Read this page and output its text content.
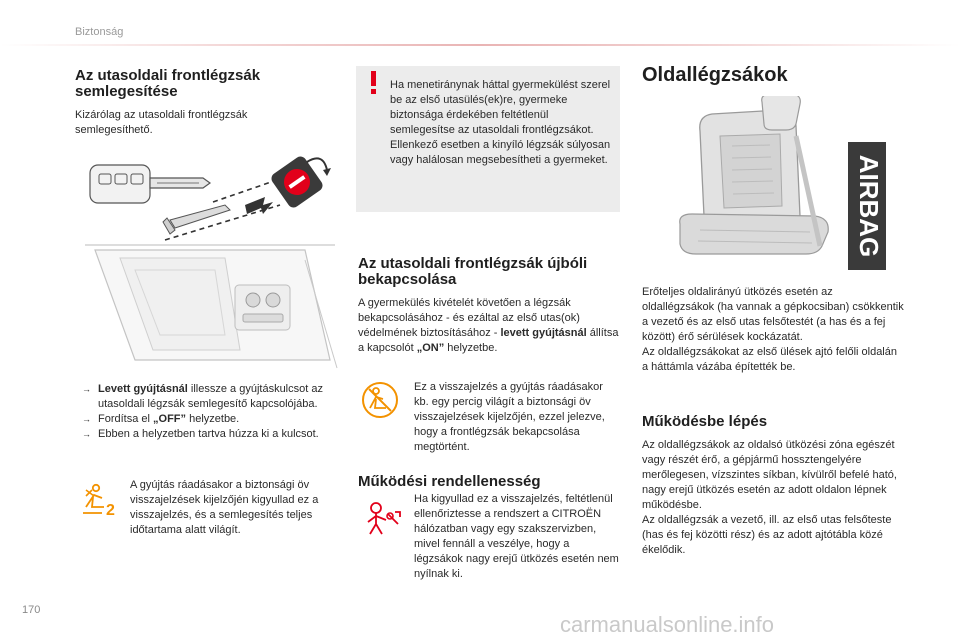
Biztonság
Az utasoldali frontlégzsák semlegesítése

Kizárólag az utasoldali frontlégzsák semlegesíthető.

→ Levett gyújtásnál illessze a gyújtáskulcsot az utasoldali légzsák semlegesítő kapcsolójába.
→ Fordítsa el „OFF” helyzetbe.
→ Ebben a helyzetben tartva húzza ki a kulcsot.
2

A gyújtás ráadásakor a biztonsági öv visszajelzések kijelzőjén kigyullad ez a visszajelzés, és a semlegesítés teljes időtartama alatt világít.

Ha menetiránynak háttal gyermekülést szerel be az első utasülés(ek)re, gyermeke biztonsága érdekében feltétlenül semlegesítse az utasoldali frontlégzsákot.
Ellenkező esetben a kinyíló légzsák súlyosan vagy halálosan megsebesítheti a gyermeket.

Az utasoldali frontlégzsák újbóli bekapcsolása

A gyermekülés kivételét követően a légzsák bekapcsolásához - és ezáltal az első utas(ok) védelmének biztosításához - levett gyújtásnál állítsa a kapcsolót „ON” helyzetbe.

Ez a visszajelzés a gyújtás ráadásakor kb. egy percig világít a biztonsági öv visszajelzések kijelzőjén, ezzel jelezve, hogy a frontlégzsák bekapcsolása megtörtént.

Működési rendellenesség

Ha kigyullad ez a visszajelzés, feltétlenül ellenőriztesse a rendszert a CITROËN hálózatban vagy egy szakszervizben, mivel fennáll a veszélye, hogy a légzsákok nagy erejű ütközés esetén nem nyílnak ki.

Oldallégzsákok
AIRBAG

Erőteljes oldalirányú ütközés esetén az oldallégzsákok (ha vannak a gépkocsiban) csökkentik a vezető és az első utas felsőtestét (a has és a fej között) érő sérülések kockázatát.
Az oldallégzsákokat az első ülések ajtó felőli oldalán a háttámla vázába építették be.

Működésbe lépés

Az oldallégzsákok az oldalsó ütközési zóna egészét vagy részét érő, a gépjármű hossztengelyére merőlegesen, vízszintes síkban, kívülről befelé ható, nagy erejű ütközés esetén az adott oldalon lépnek működésbe.
Az oldallégzsák a vezető, ill. az első utas felsőteste (has és fej közötti rész) és az adott ajtótábla közé ékelődik.

170
carmanualsonline.info
